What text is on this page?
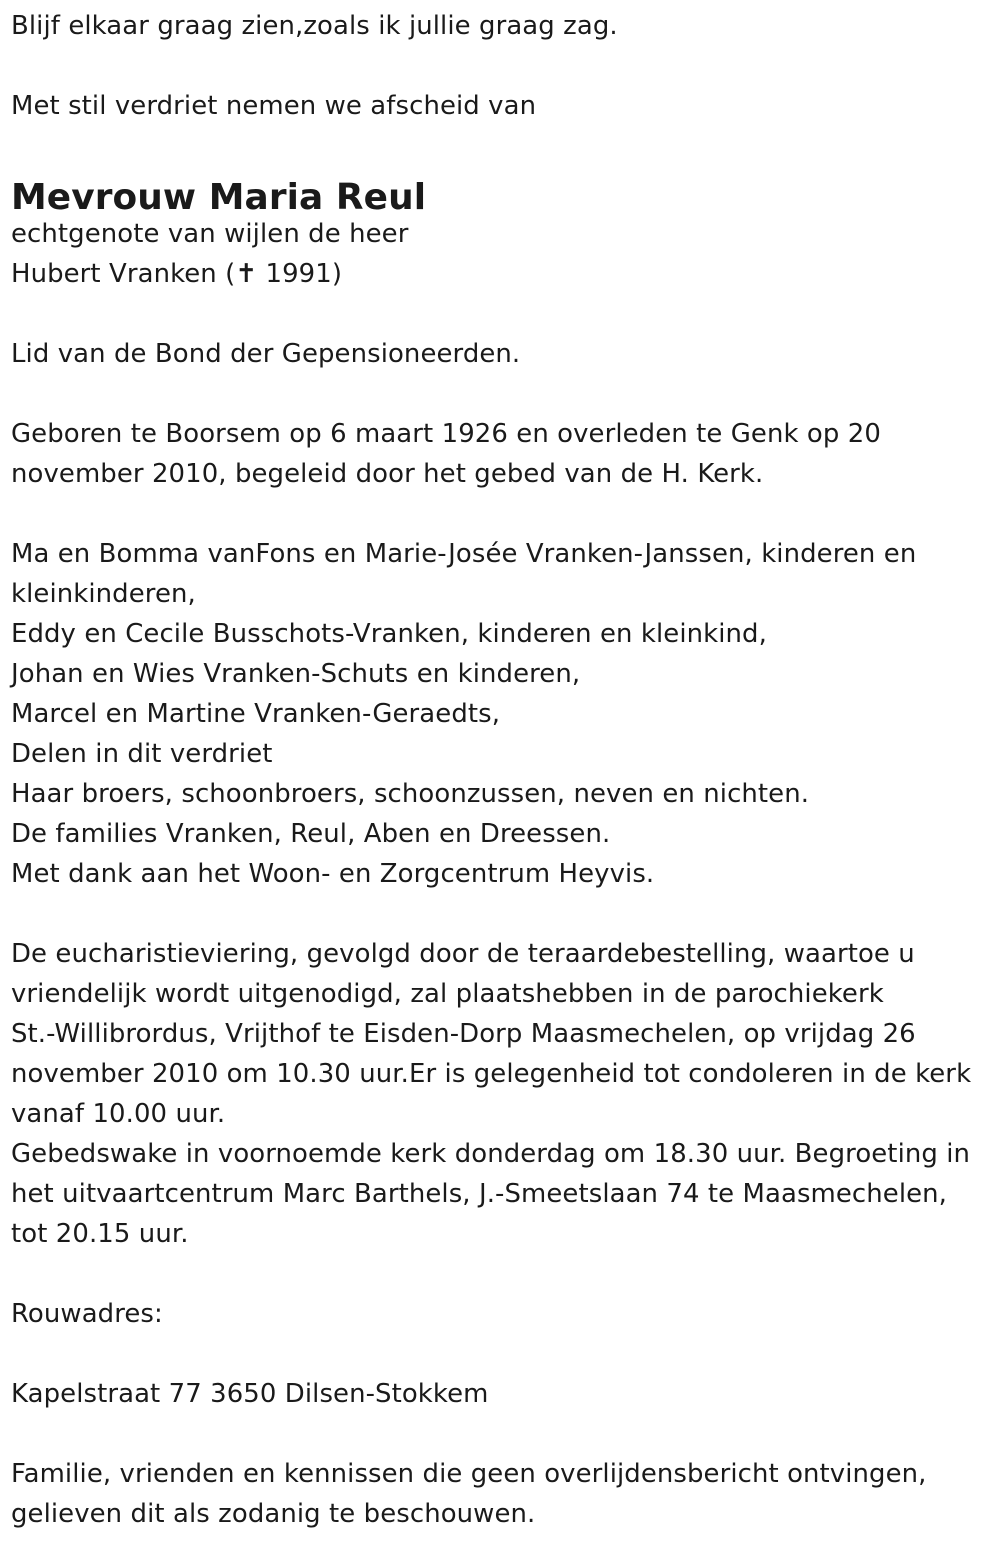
Blijf elkaar graag zien,zoals ik jullie graag zag.
Met stil verdriet nemen we afscheid van
Mevrouw Maria Reul
echtgenote van wijlen de heer
Hubert Vranken (✝ 1991)
Lid van de Bond der Gepensioneerden.
Geboren te Boorsem op 6 maart 1926 en overleden te Genk op 20
november 2010, begeleid door het gebed van de H. Kerk.
Ma en Bomma vanFons en Marie-Josée Vranken-Janssen, kinderen en
kleinkinderen,
Eddy en Cecile Busschots-Vranken, kinderen en kleinkind,
Johan en Wies Vranken-Schuts en kinderen,
Marcel en Martine Vranken-Geraedts,
Delen in dit verdriet
Haar broers, schoonbroers, schoonzussen, neven en nichten.
De families Vranken, Reul, Aben en Dreessen.
Met dank aan het Woon- en Zorgcentrum Heyvis.
De eucharistieviering, gevolgd door de teraardebestelling, waartoe u
vriendelijk wordt uitgenodigd, zal plaatshebben in de parochiekerk
St.-Willibrordus, Vrijthof te Eisden-Dorp Maasmechelen, op vrijdag 26
november 2010 om 10.30 uur.Er is gelegenheid tot condoleren in de kerk
vanaf 10.00 uur.
Gebedswake in voornoemde kerk donderdag om 18.30 uur. Begroeting in
het uitvaartcentrum Marc Barthels, J.-Smeetslaan 74 te Maasmechelen,
tot 20.15 uur.
Rouwadres:
Kapelstraat 77 3650 Dilsen-Stokkem
Familie, vrienden en kennissen die geen overlijdensbericht ontvingen,
gelieven dit als zodanig te beschouwen.
